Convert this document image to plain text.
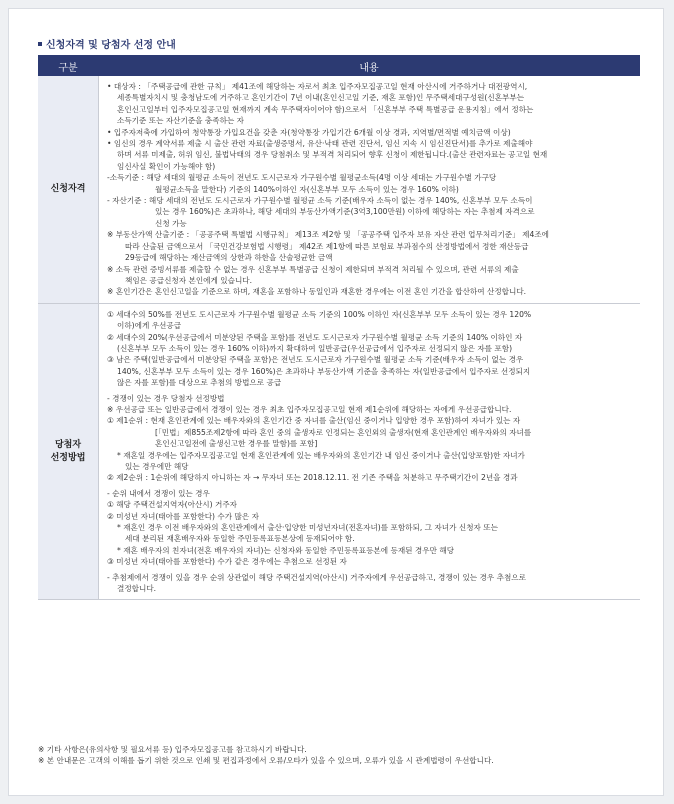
신청자격 및 당첨자 선정 안내
구분	내용
신청자격

• 대상자 : 「주택공급에 관한 규칙」 제41조에 해당하는 자로서 최초 입주자모집공고일 현재 아산시에 거주하거나 대전광역시,

세종특별자치시 및 충청남도에 거주하고 혼인기간이 7년 이내(혼인신고일 기준, 재혼 포함)인 무주택세대구성원(신혼부부는

혼인신고일부터 입주자모집공고일 현재까지 계속 무주택자이어야 함)으로서 「신혼부부 주택 특별공급 운용지침」에서 정하는

소득기준 또는 자산기준을 충족하는 자

• 입주자저축에 가입하여 청약통장 가입요건을 갖춘 자(청약통장 가입기간 6개월 이상 경과, 지역별/면적별 예치금액 이상)

• 임신의 경우 계약서류 제출 시 출산 관련 자료(출생증명서, 유산·낙태 관련 진단서, 임신 지속 시 임신진단서)를 추가로 제출해야

하며 서류 미제출, 허위 임신, 불법낙태의 경우 당첨취소 및 부적격 처리되어 향후 신청이 제한됩니다.(출산 관련자료는 공고일 현재

임신사실 확인이 가능해야 함)

-소득기준 : 해당 세대의 월평균 소득이 전년도 도시근로자 가구원수별 월평균소득(4명 이상 세대는 가구원수별 가구당

월평균소득을 말한다) 기준의 140%이하인 자(신혼부부 모두 소득이 있는 경우 160% 이하)

- 자산기준 : 해당 세대의 전년도 도시근로자 가구원수별 월평균 소득 기준(배우자 소득이 없는 경우 140%, 신혼부부 모두 소득이

있는 경우 160%)은 초과하나, 해당 세대의 부동산가액기준(3억3,100만원) 이하에 해당하는 자는 추첨제 자격으로

신청 가능

※ 부동산가액 산출기준 : 「공공주택 특별법 시행규칙」 제13조 제2항 및 「공공주택 입주자 보유 자산 관련 업무처리기준」 제4조에

따라 산출된 금액으로서 「국민건강보험법 시행령」 제42조 제1항에 따른 보험료 부과점수의 산정방법에서 정한 재산등급

29등급에 해당하는 재산금액의 상한과 하한을 산술평균한 금액

※ 소득 관련 증빙서류를 제출할 수 없는 경우 신혼부부 특별공급 신청이 제한되며 부적격 처리될 수 있으며, 관련 서류의 제출

책임은 공급신청자 본인에게 있습니다.

※ 혼인기간은 혼인신고일을 기준으로 하며, 재혼을 포함하나 동일인과 재혼한 경우에는 이전 혼인 기간을 합산하여 산정합니다.

당첨자
선정방법

① 세대수의 50%를 전년도 도시근로자 가구원수별 월평균 소득 기준의 100% 이하인 자(신혼부부 모두 소득이 있는 경우 120%

이하)에게 우선공급

② 세대수의 20%(우선공급에서 미분양된 주택을 포함)를 전년도 도시근로자 가구원수별 월평균 소득 기준의 140% 이하인 자

(신혼부부 모두 소득이 있는 경우 160% 이하)까지 확대하여 일반공급(우선공급에서 입주자로 선정되지 않은 자를 포함)

③ 남은 주택(일반공급에서 미분양된 주택을 포함)은 전년도 도시근로자 가구원수별 월평균 소득 기준(배우자 소득이 없는 경우

140%, 신혼부부 모두 소득이 있는 경우 160%)은 초과하나 부동산가액 기준을 충족하는 자(일반공급에서 입주자로 선정되지

않은 자를 포함)를 대상으로 추첨의 방법으로 공급

- 경쟁이 있는 경우 당첨자 선정방법

※ 우선공급 또는 일반공급에서 경쟁이 있는 경우 최초 입주자모집공고일 현재 제1순위에 해당하는 자에게 우선공급합니다.

① 제1순위 : 현재 혼인관계에 있는 배우자와의 혼인기간 중 자녀를 출산(임신 중이거나 입양한 경우 포함)하여 자녀가 있는 자

[「민법」제855조제2항에 따라 혼인 중의 출생자로 인정되는 혼인외의 출생자(현재 혼인관계인 배우자와의 자녀를

혼인신고일전에 출생신고한 경우를 말함)를 포함]

* 재혼일 경우에는 입주자모집공고일 현재 혼인관계에 있는 배우자와의 혼인기간 내 임신 중이거나 출산(입양포함)한 자녀가

있는 경우에만 해당

② 제2순위 : 1순위에 해당하지 아니하는 자 → 무자녀 또는 2018.12.11. 전 기존 주택을 처분하고 무주택기간이 2년을 경과

- 순위 내에서 경쟁이 있는 경우

① 해당 주택건설지역자(아산시) 거주자

② 미성년 자녀(태아를 포함한다) 수가 많은 자

* 재혼인 경우 이전 배우자와의 혼인관계에서 출산·입양한 미성년자녀(전혼자녀)를 포함하되, 그 자녀가 신청자 또는

세대 분리된 재혼배우자와 동일한 주민등록표등본상에 등재되어야 함.

* 재혼 배우자의 친자녀(전혼 배우자의 자녀)는 신청자와 동일한 주민등록표등본에 등재된 경우만 해당

③ 미성년 자녀(태아를 포함한다) 수가 같은 경우에는 추첨으로 선정된 자

- 추첨제에서 경쟁이 있을 경우 순위 상관없이 해당 주택건설지역(아산시) 거주자에게 우선공급하고, 경쟁이 있는 경우 추첨으로

결정합니다.

※ 기타 사항은(유의사항 및 필요서류 등) 입주자모집공고를 참고하시기 바랍니다.

※ 본 안내문은 고객의 이해를 돕기 위한 것으로 인쇄 및 편집과정에서 오류/오타가 있을 수 있으며, 오류가 있을 시 관계법령이 우선합니다.
